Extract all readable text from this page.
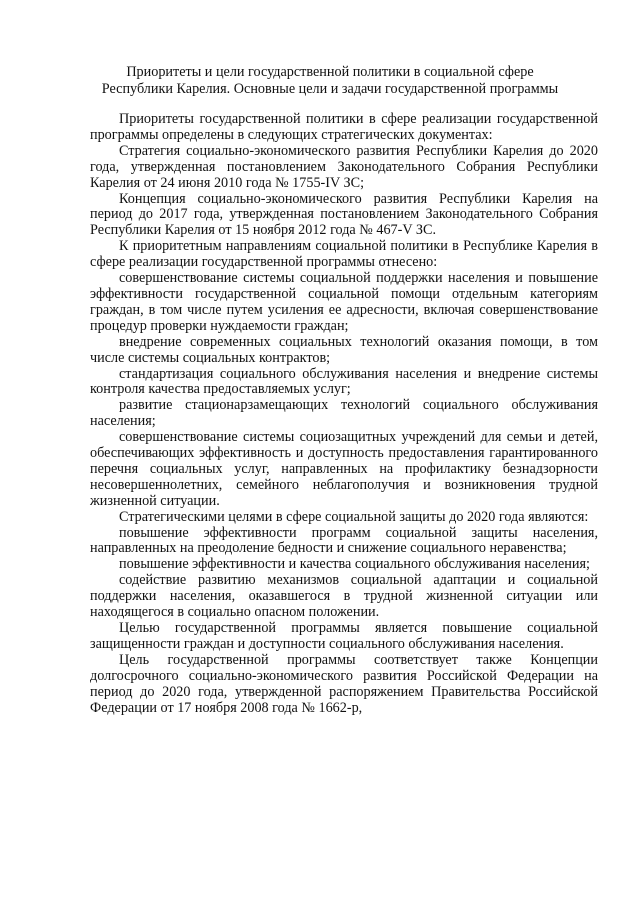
Приоритеты и цели государственной политики в социальной сфере
Республики Карелия. Основные цели и задачи государственной программы

Приоритеты государственной политики в сфере реализации государственной программы определены в следующих стратегических документах:

Стратегия социально-экономического развития Республики Карелия до 2020 года, утвержденная постановлением Законодательного Собрания Республики Карелия от 24 июня 2010 года № 1755-IV ЗС;

Концепция социально-экономического развития Республики Карелия на период до 2017 года, утвержденная постановлением Законодательного Собрания Республики Карелия от 15 ноября 2012 года № 467-V ЗС.

К приоритетным направлениям социальной политики в Республике Карелия в сфере реализации государственной программы отнесено:

совершенствование системы социальной поддержки населения и повышение эффективности государственной социальной помощи отдельным категориям граждан, в том числе путем усиления ее адресности, включая совершенствование процедур проверки нуждаемости граждан;

внедрение современных социальных технологий оказания помощи, в том числе системы социальных контрактов;

стандартизация социального обслуживания населения и внедрение системы контроля качества предоставляемых услуг;

развитие стационарзамещающих технологий социального обслуживания населения;

совершенствование системы социозащитных учреждений для семьи и детей, обеспечивающих эффективность и доступность предоставления гарантированного перечня социальных услуг, направленных на профилактику безнадзорности несовершеннолетних, семейного неблагополучия и возникновения трудной жизненной ситуации.

Стратегическими целями в сфере социальной защиты до 2020 года являются:

повышение эффективности программ социальной защиты населения, направленных на преодоление бедности и снижение социального неравенства;

повышение эффективности и качества социального обслуживания населения;

содействие развитию механизмов социальной адаптации и социальной поддержки населения, оказавшегося в трудной жизненной ситуации или находящегося в социально опасном положении.

Целью государственной программы является повышение социальной защищенности граждан и доступности социального обслуживания населения.

Цель государственной программы соответствует также Концепции долгосрочного социально-экономического развития Российской Федерации на период до 2020 года, утвержденной распоряжением Правительства Российской Федерации от 17 ноября 2008 года № 1662-р,
